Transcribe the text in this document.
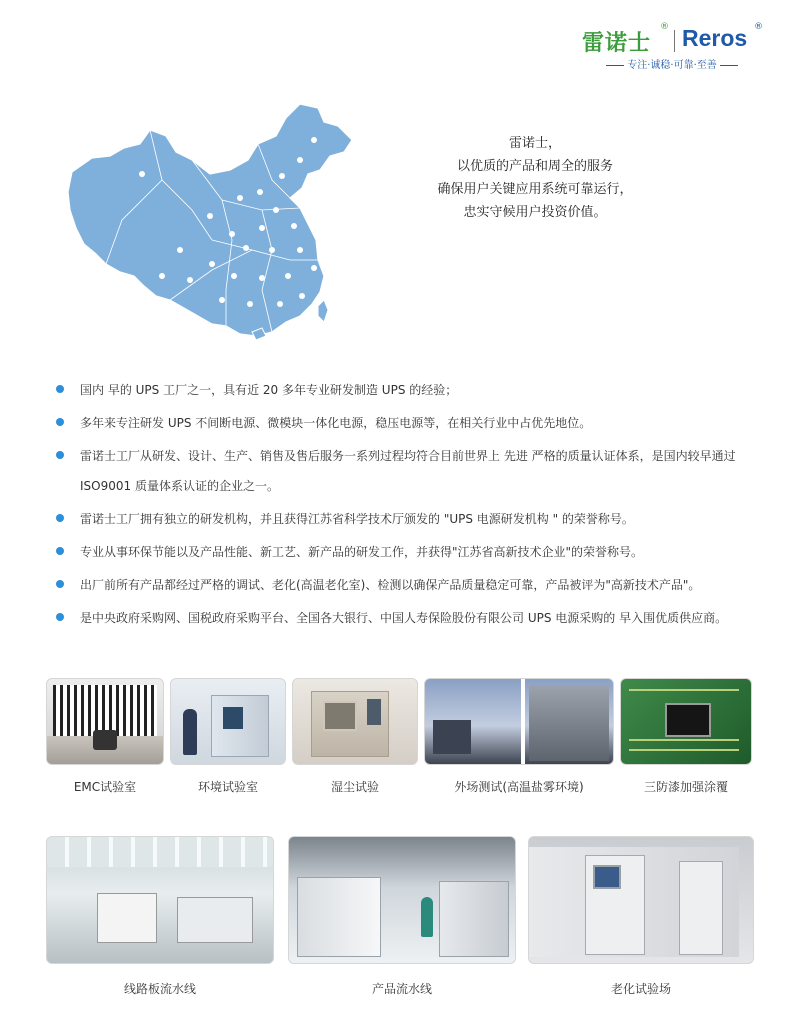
雷诺士
® Reros ®
专注·诚稳·可靠·至善
雷诺士，
以优质的产品和周全的服务
确保用户关键应用系统可靠运行，
忠实守候用户投资价值。
国内 早的 UPS 工厂之一，具有近 20 多年专业研发制造 UPS 的经验；
多年来专注研发 UPS 不间断电源、微模块一体化电源，稳压电源等，在相关行业中占优先地位。
雷诺士工厂从研发、设计、生产、销售及售后服务一系列过程均符合目前世界上 先进 严格的质量认证体系，是国内较早通过
ISO9001 质量体系认证的企业之一。
雷诺士工厂拥有独立的研发机构，并且获得江苏省科学技术厅颁发的 "UPS 电源研发机构 " 的荣誉称号。
专业从事环保节能以及产品性能、新工艺、新产品的研发工作，并获得"江苏省高新技术企业"的荣誉称号。
出厂前所有产品都经过严格的调试、老化(高温老化室)、检测以确保产品质量稳定可靠，产品被评为"高新技术产品"。
是中央政府采购网、国税政府采购平台、全国各大银行、中国人寿保险股份有限公司 UPS 电源采购的 早入围优质供应商。
EMC试验室	环境试验室	湿尘试验	外场测试(高温盐雾环境)	三防漆加强涂覆
线路板流水线	产品流水线	老化试验场
